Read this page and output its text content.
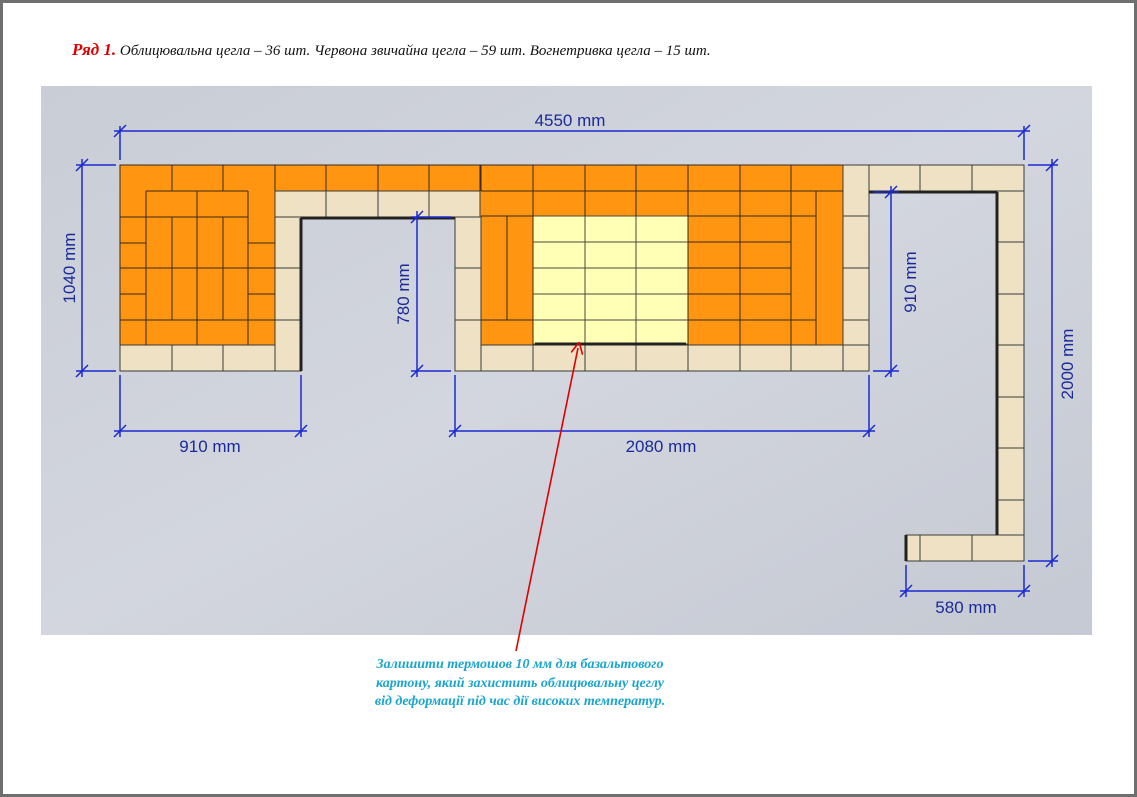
Ряд 1. Облицювальна цегла – 36 шт. Червона звичайна цегла – 59 шт. Вогнетривка цегла – 15 шт.

4550 mm
1040 mm
910 mm
780 mm
2080 mm
910 mm
2000 mm
580 mm

Залишити термошов 10 мм для базальтового картону, який захистить облицювальну цеглу від деформації під час дії високих температур.
